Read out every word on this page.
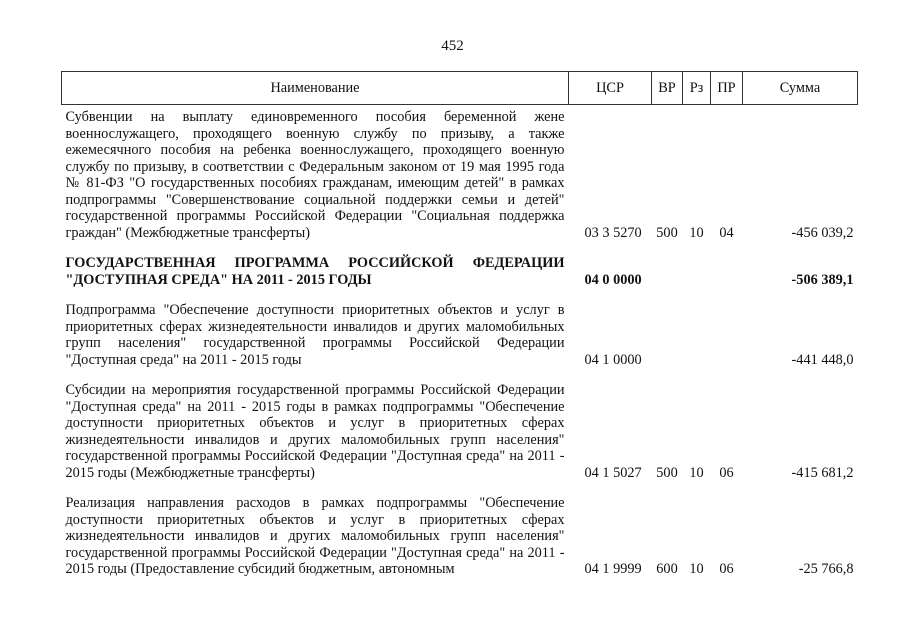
452
Наименование	ЦСР	ВР	Рз	ПР	Сумма
Субвенции на выплату единовременного пособия беременной жене военнослужащего, проходящего военную службу по призыву, а также ежемесячного пособия на ребенка военнослужащего, проходящего военную службу по призыву, в соответствии с Федеральным законом от 19 мая 1995 года № 81-ФЗ "О государственных пособиях гражданам, имеющим детей" в рамках подпрограммы "Совершенствование социальной поддержки семьи и детей" государственной программы Российской Федерации "Социальная поддержка граждан" (Межбюджетные трансферты)	03 3 5270	500	10	04	-456 039,2
ГОСУДАРСТВЕННАЯ ПРОГРАММА РОССИЙСКОЙ ФЕДЕРАЦИИ "ДОСТУПНАЯ СРЕДА" НА 2011 - 2015 ГОДЫ	04 0 0000				-506 389,1
Подпрограмма "Обеспечение доступности приоритетных объектов и услуг в приоритетных сферах жизнедеятельности инвалидов и других маломобильных групп населения" государственной программы Российской Федерации "Доступная среда" на 2011 - 2015 годы	04 1 0000				-441 448,0
Субсидии на мероприятия государственной программы Российской Федерации "Доступная среда" на 2011 - 2015 годы в рамках подпрограммы "Обеспечение доступности приоритетных объектов и услуг в приоритетных сферах жизнедеятельности инвалидов и других маломобильных групп населения" государственной программы Российской Федерации "Доступная среда" на 2011 - 2015 годы (Межбюджетные трансферты)	04 1 5027	500	10	06	-415 681,2
Реализация направления расходов в рамках подпрограммы "Обеспечение доступности приоритетных объектов и услуг в приоритетных сферах жизнедеятельности инвалидов и других маломобильных групп населения" государственной программы Российской Федерации "Доступная среда" на 2011 - 2015 годы (Предоставление субсидий бюджетным, автономным	04 1 9999	600	10	06	-25 766,8
